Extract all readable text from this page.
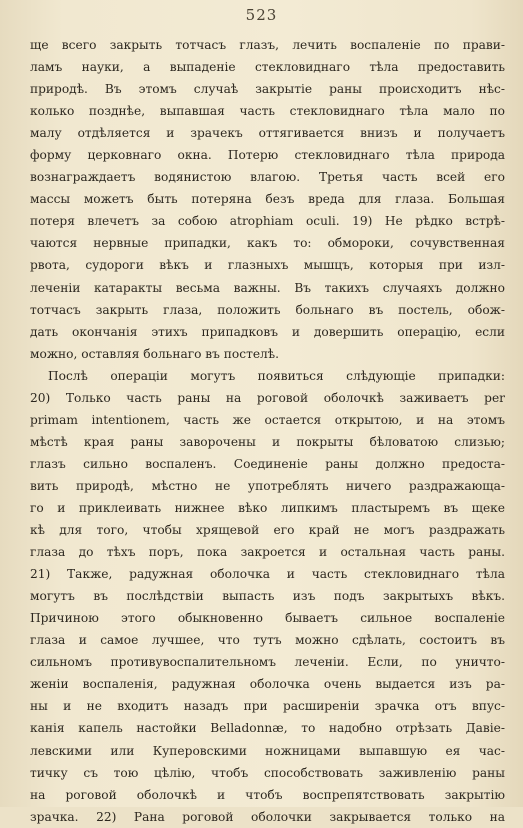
523
ще всего закрыть тотчасъ глазъ, лечить воспаленіе по прави-
ламъ науки, а выпаденіе стекловиднаго тѣла предоставить
природѣ. Въ этомъ случаѣ закрытіе раны происходитъ нѣс-
колько позднѣе, выпавшая часть стекловиднаго тѣла мало по
малу отдѣляется и зрачекъ оттягивается внизъ и получаетъ
форму церковнаго окна. Потерю стекловиднаго тѣла природа
вознаграждаетъ водянистою влагою. Третья часть всей его
массы можетъ быть потеряна безъ вреда для глаза. Большая
потеря влечетъ за собою atrophiam oculi. 19) Не рѣдко встрѣ-
чаются нервные припадки, какъ то: обмороки, сочувственная
рвота, судороги вѣкъ и глазныхъ мышцъ, которыя при изл-
леченіи катаракты весьма важны. Въ такихъ случаяхъ должно
тотчасъ закрыть глаза, положить больнаго въ постель, обож-
дать окончанія этихъ припадковъ и довершить операцію, если
можно, оставляя больнаго въ постелѣ.
Послѣ операціи могутъ появиться слѣдующіе припадки:
20) Только часть раны на роговой оболочкѣ заживаетъ per
primam intentionem, часть же остается открытою, и на этомъ
мѣстѣ края раны заворочены и покрыты бѣловатою слизью;
глазъ сильно воспаленъ. Соединеніе раны должно предоста-
вить природѣ, мѣстно не употреблять ничего раздражающа-
го и приклеивать нижнее вѣко липкимъ пластыремъ въ щеке
кѣ для того, чтобы хрящевой его край не могъ раздражать
глаза до тѣхъ поръ, пока закроется и остальная часть раны.
21) Также, радужная оболочка и часть стекловиднаго тѣла
могутъ въ послѣдствіи выпасть изъ подъ закрытыхъ вѣкъ.
Причиною этого обыкновенно бываетъ сильное воспаленіе
глаза и самое лучшее, что тутъ можно сдѣлать, состоитъ въ
сильномъ противувоспалительномъ леченіи. Если, по уничто-
женіи воспаленія, радужная оболочка очень выдается изъ ра-
ны и не входитъ назадъ при расширеніи зрачка отъ впус-
канія капель настойки Belladonnæ, то надобно отрѣзать Давіе-
левскими или Куперовскими ножницами выпавшую ея час-
тичку съ тою цѣлію, чтобъ способствовать заживленію раны
на роговой оболочкѣ и чтобъ воспрепятствовать закрытію
зрачка. 22) Рана роговой оболочки закрывается только на
